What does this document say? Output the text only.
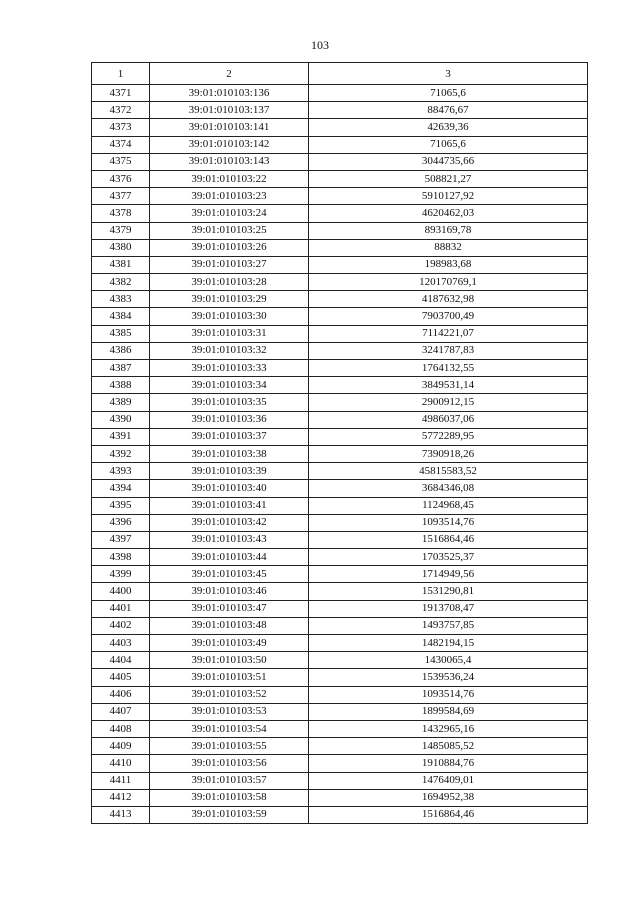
103
1	2	3
4371	39:01:010103:136	71065,6
4372	39:01:010103:137	88476,67
4373	39:01:010103:141	42639,36
4374	39:01:010103:142	71065,6
4375	39:01:010103:143	3044735,66
4376	39:01:010103:22	508821,27
4377	39:01:010103:23	5910127,92
4378	39:01:010103:24	4620462,03
4379	39:01:010103:25	893169,78
4380	39:01:010103:26	88832
4381	39:01:010103:27	198983,68
4382	39:01:010103:28	120170769,1
4383	39:01:010103:29	4187632,98
4384	39:01:010103:30	7903700,49
4385	39:01:010103:31	7114221,07
4386	39:01:010103:32	3241787,83
4387	39:01:010103:33	1764132,55
4388	39:01:010103:34	3849531,14
4389	39:01:010103:35	2900912,15
4390	39:01:010103:36	4986037,06
4391	39:01:010103:37	5772289,95
4392	39:01:010103:38	7390918,26
4393	39:01:010103:39	45815583,52
4394	39:01:010103:40	3684346,08
4395	39:01:010103:41	1124968,45
4396	39:01:010103:42	1093514,76
4397	39:01:010103:43	1516864,46
4398	39:01:010103:44	1703525,37
4399	39:01:010103:45	1714949,56
4400	39:01:010103:46	1531290,81
4401	39:01:010103:47	1913708,47
4402	39:01:010103:48	1493757,85
4403	39:01:010103:49	1482194,15
4404	39:01:010103:50	1430065,4
4405	39:01:010103:51	1539536,24
4406	39:01:010103:52	1093514,76
4407	39:01:010103:53	1899584,69
4408	39:01:010103:54	1432965,16
4409	39:01:010103:55	1485085,52
4410	39:01:010103:56	1910884,76
4411	39:01:010103:57	1476409,01
4412	39:01:010103:58	1694952,38
4413	39:01:010103:59	1516864,46
